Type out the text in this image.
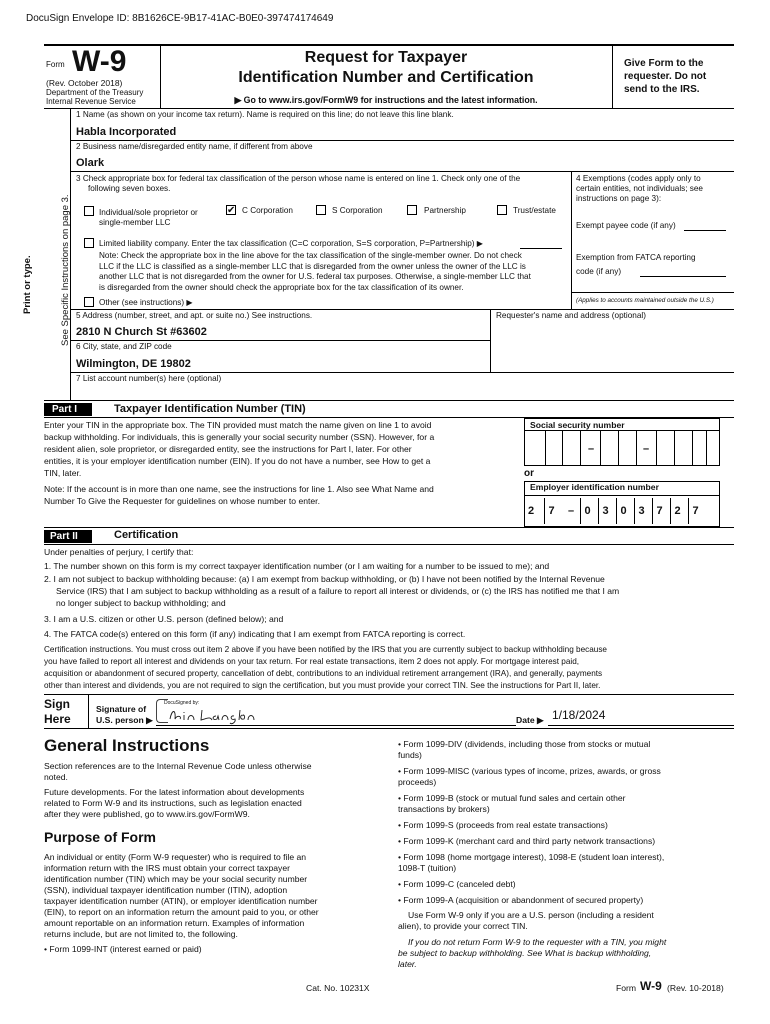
DocuSign Envelope ID: 8B1626CE-9B17-41AC-B0E0-397474174649
Form W-9
(Rev. October 2018)
Department of the Treasury
Internal Revenue Service
Request for Taxpayer
Identification Number and Certification
▶ Go to www.irs.gov/FormW9 for instructions and the latest information.
Give Form to the
requester. Do not
send to the IRS.
Print or type.	See Specific Instructions on page 3.
1 Name (as shown on your income tax return). Name is required on this line; do not leave this line blank.
Habla Incorporated
2 Business name/disregarded entity name, if different from above
Olark
3 Check appropriate box for federal tax classification of the person whose name is entered on line 1. Check only one of the
following seven boxes.
Individual/sole proprietor or
single-member LLC
✔ C Corporation	S Corporation	Partnership	Trust/estate
Limited liability company. Enter the tax classification (C=C corporation, S=S corporation, P=Partnership) ▶
Note: Check the appropriate box in the line above for the tax classification of the single-member owner. Do not check
LLC if the LLC is classified as a single-member LLC that is disregarded from the owner unless the owner of the LLC is
another LLC that is not disregarded from the owner for U.S. federal tax purposes. Otherwise, a single-member LLC that
is disregarded from the owner should check the appropriate box for the tax classification of its owner.
Other (see instructions) ▶
4 Exemptions (codes apply only to
certain entities, not individuals; see
instructions on page 3):
Exempt payee code (if any)
Exemption from FATCA reporting
code (if any)
(Applies to accounts maintained outside the U.S.)
5 Address (number, street, and apt. or suite no.) See instructions.	Requester's name and address (optional)
2810 N Church St #63602
6 City, state, and ZIP code
Wilmington, DE 19802
7 List account number(s) here (optional)
Part I	Taxpayer Identification Number (TIN)
Enter your TIN in the appropriate box. The TIN provided must match the name given on line 1 to avoid
backup withholding. For individuals, this is generally your social security number (SSN). However, for a
resident alien, sole proprietor, or disregarded entity, see the instructions for Part I, later. For other
entities, it is your employer identification number (EIN). If you do not have a number, see How to get a
TIN, later.
Note: If the account is in more than one name, see the instructions for line 1. Also see What Name and
Number To Give the Requester for guidelines on whose number to enter.
Social security number
–	–
or
Employer identification number
2	7	– 0	3	0	3	7	2	7
Part II	Certification
Under penalties of perjury, I certify that:
1. The number shown on this form is my correct taxpayer identification number (or I am waiting for a number to be issued to me); and
2. I am not subject to backup withholding because: (a) I am exempt from backup withholding, or (b) I have not been notified by the Internal Revenue
Service (IRS) that I am subject to backup withholding as a result of a failure to report all interest or dividends, or (c) the IRS has notified me that I am
no longer subject to backup withholding; and
3. I am a U.S. citizen or other U.S. person (defined below); and
4. The FATCA code(s) entered on this form (if any) indicating that I am exempt from FATCA reporting is correct.
Certification instructions. You must cross out item 2 above if you have been notified by the IRS that you are currently subject to backup withholding because
you have failed to report all interest and dividends on your tax return. For real estate transactions, item 2 does not apply. For mortgage interest paid,
acquisition or abandonment of secured property, cancellation of debt, contributions to an individual retirement arrangement (IRA), and generally, payments
other than interest and dividends, you are not required to sign the certification, but you must provide your correct TIN. See the instructions for Part II, later.
Sign
Here
Signature of
U.S. person ▶
DocuSigned by:
Date ▶ 1/18/2024
General Instructions
Section references are to the Internal Revenue Code unless otherwise
noted.
Future developments. For the latest information about developments
related to Form W-9 and its instructions, such as legislation enacted
after they were published, go to www.irs.gov/FormW9.
Purpose of Form
An individual or entity (Form W-9 requester) who is required to file an
information return with the IRS must obtain your correct taxpayer
identification number (TIN) which may be your social security number
(SSN), individual taxpayer identification number (ITIN), adoption
taxpayer identification number (ATIN), or employer identification number
(EIN), to report on an information return the amount paid to you, or other
amount reportable on an information return. Examples of information
returns include, but are not limited to, the following.
• Form 1099-INT (interest earned or paid)
• Form 1099-DIV (dividends, including those from stocks or mutual
funds)
• Form 1099-MISC (various types of income, prizes, awards, or gross
proceeds)
• Form 1099-B (stock or mutual fund sales and certain other
transactions by brokers)
• Form 1099-S (proceeds from real estate transactions)
• Form 1099-K (merchant card and third party network transactions)
• Form 1098 (home mortgage interest), 1098-E (student loan interest),
1098-T (tuition)
• Form 1099-C (canceled debt)
• Form 1099-A (acquisition or abandonment of secured property)
Use Form W-9 only if you are a U.S. person (including a resident
alien), to provide your correct TIN.
If you do not return Form W-9 to the requester with a TIN, you might
be subject to backup withholding. See What is backup withholding,
later.
Cat. No. 10231X	Form W-9 (Rev. 10-2018)
